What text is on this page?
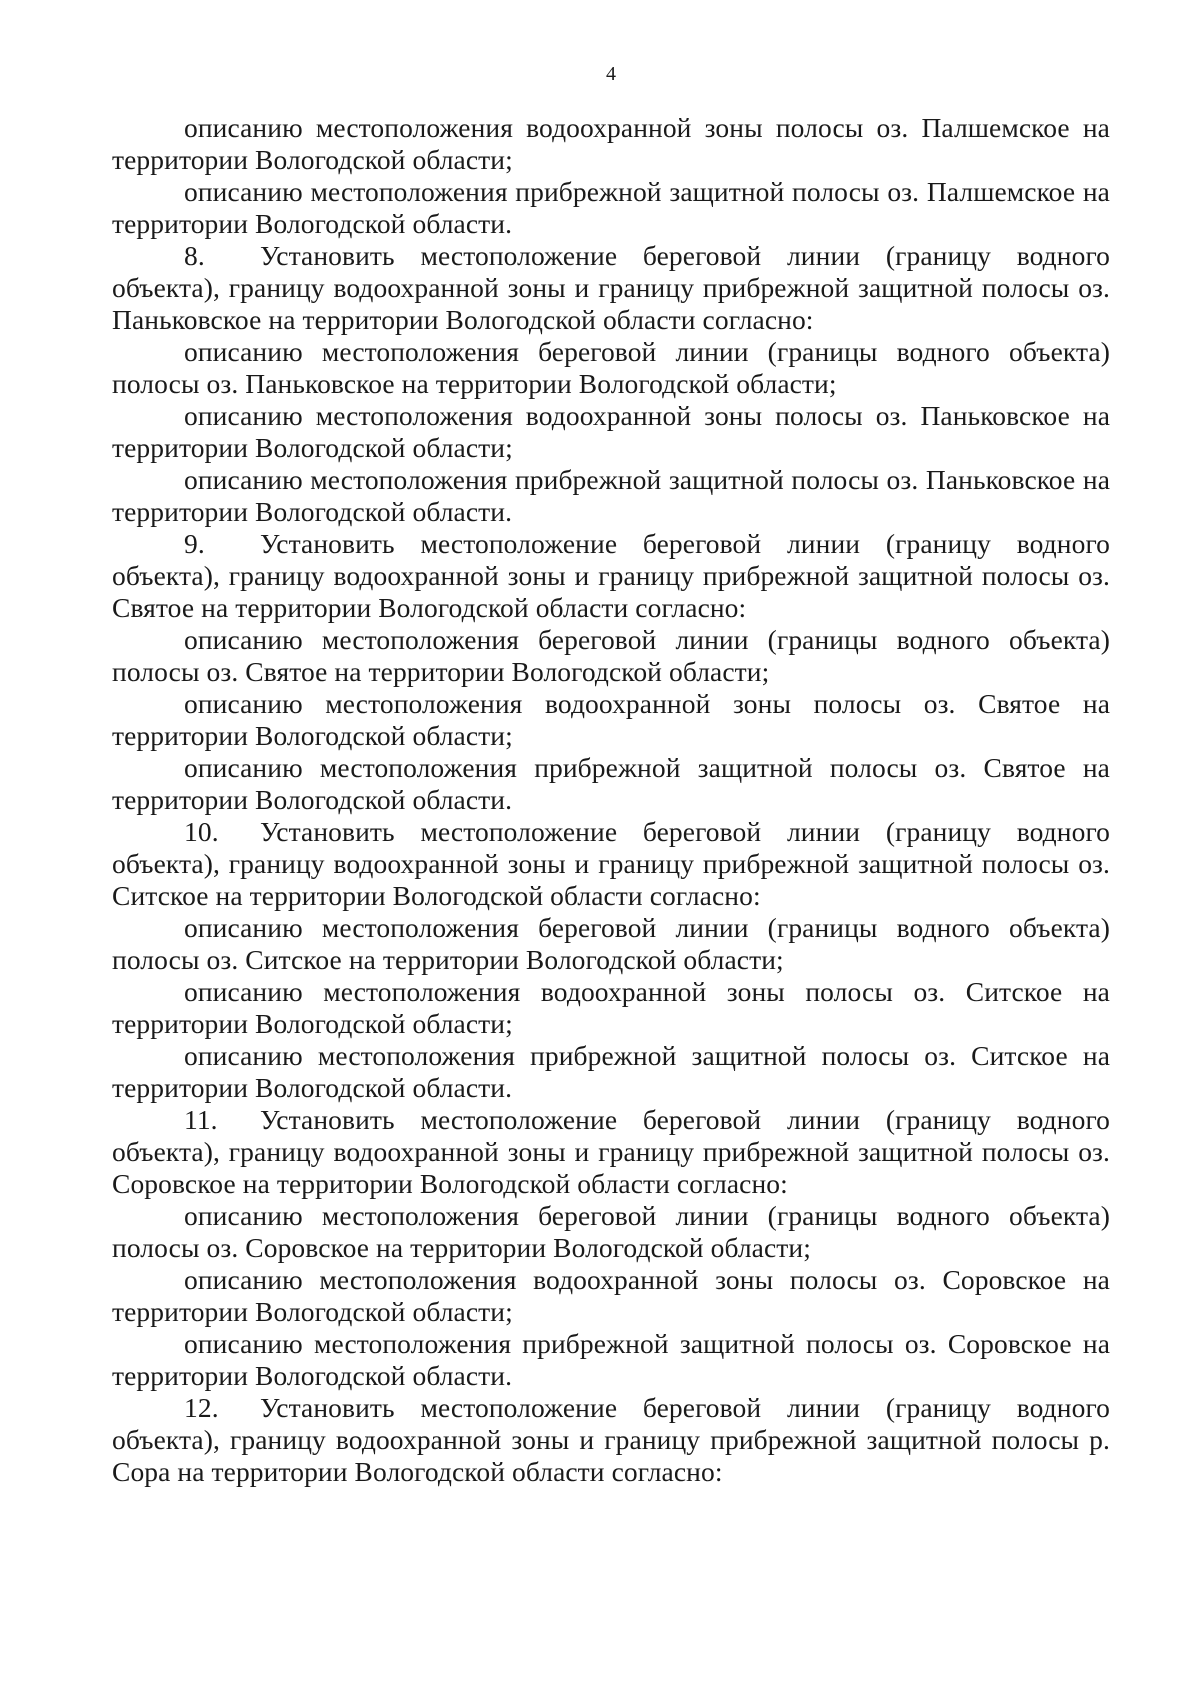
4

описанию местоположения водоохранной зоны полосы оз. Палшемское на территории Вологодской области;

описанию местоположения прибрежной защитной полосы оз. Палшемское на территории Вологодской области.

8. Установить местоположение береговой линии (границу водного объекта), границу водоохранной зоны и границу прибрежной защитной полосы оз. Паньковское на территории Вологодской области согласно:

описанию местоположения береговой линии (границы водного объекта) полосы оз. Паньковское на территории Вологодской области;

описанию местоположения водоохранной зоны полосы оз. Паньковское на территории Вологодской области;

описанию местоположения прибрежной защитной полосы оз. Паньковское на территории Вологодской области.

9. Установить местоположение береговой линии (границу водного объекта), границу водоохранной зоны и границу прибрежной защитной полосы оз. Святое на территории Вологодской области согласно:

описанию местоположения береговой линии (границы водного объекта) полосы оз. Святое на территории Вологодской области;

описанию местоположения водоохранной зоны полосы оз. Святое на территории Вологодской области;

описанию местоположения прибрежной защитной полосы оз. Святое на территории Вологодской области.

10. Установить местоположение береговой линии (границу водного объекта), границу водоохранной зоны и границу прибрежной защитной полосы оз. Ситское на территории Вологодской области согласно:

описанию местоположения береговой линии (границы водного объекта) полосы оз. Ситское на территории Вологодской области;

описанию местоположения водоохранной зоны полосы оз. Ситское на территории Вологодской области;

описанию местоположения прибрежной защитной полосы оз. Ситское на территории Вологодской области.

11. Установить местоположение береговой линии (границу водного объекта), границу водоохранной зоны и границу прибрежной защитной полосы оз. Соровское на территории Вологодской области согласно:

описанию местоположения береговой линии (границы водного объекта) полосы оз. Соровское на территории Вологодской области;

описанию местоположения водоохранной зоны полосы оз. Соровское на территории Вологодской области;

описанию местоположения прибрежной защитной полосы оз. Соровское на территории Вологодской области.

12. Установить местоположение береговой линии (границу водного объекта), границу водоохранной зоны и границу прибрежной защитной полосы р. Сора на территории Вологодской области согласно:
